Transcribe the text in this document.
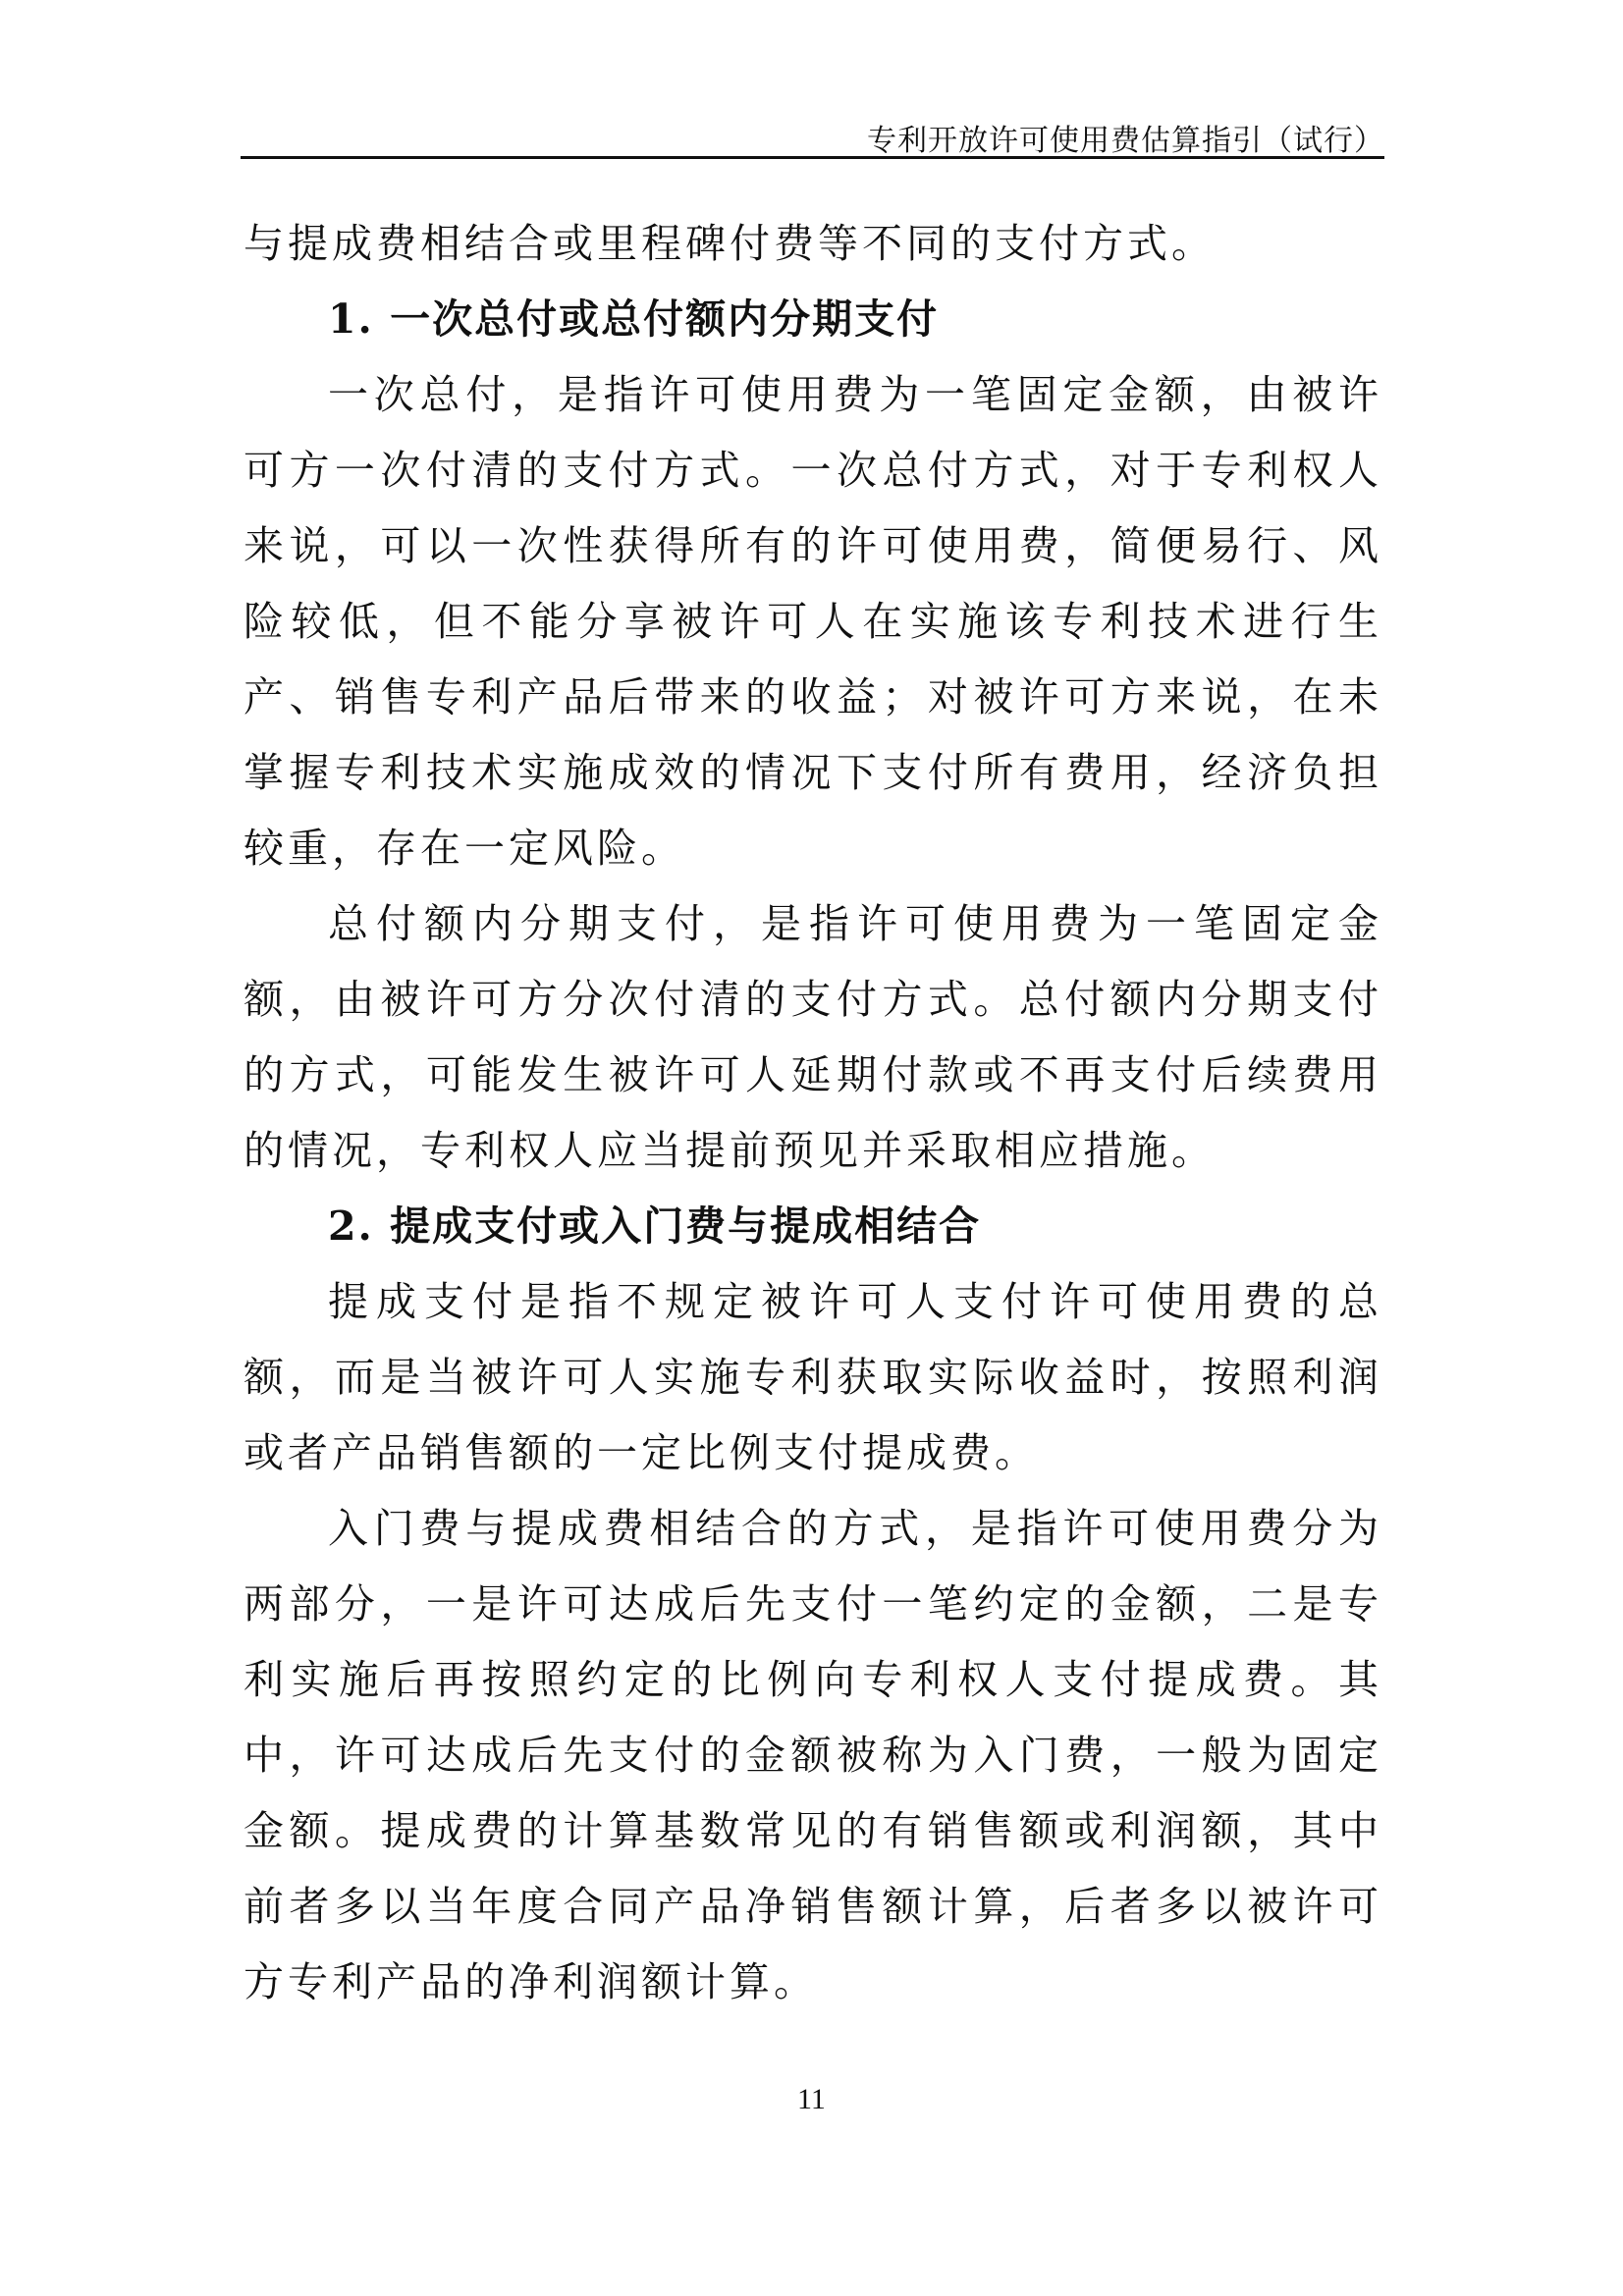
专利开放许可使用费估算指引（试行）

与提成费相结合或里程碑付费等不同的支付方式。

1. 一次总付或总付额内分期支付

一次总付，是指许可使用费为一笔固定金额，由被许可方一次付清的支付方式。一次总付方式，对于专利权人来说，可以一次性获得所有的许可使用费，简便易行、风险较低，但不能分享被许可人在实施该专利技术进行生产、销售专利产品后带来的收益；对被许可方来说，在未掌握专利技术实施成效的情况下支付所有费用，经济负担较重，存在一定风险。

总付额内分期支付，是指许可使用费为一笔固定金额，由被许可方分次付清的支付方式。总付额内分期支付的方式，可能发生被许可人延期付款或不再支付后续费用的情况，专利权人应当提前预见并采取相应措施。

2. 提成支付或入门费与提成相结合

提成支付是指不规定被许可人支付许可使用费的总额，而是当被许可人实施专利获取实际收益时，按照利润或者产品销售额的一定比例支付提成费。

入门费与提成费相结合的方式，是指许可使用费分为两部分，一是许可达成后先支付一笔约定的金额，二是专利实施后再按照约定的比例向专利权人支付提成费。其中，许可达成后先支付的金额被称为入门费，一般为固定金额。提成费的计算基数常见的有销售额或利润额，其中前者多以当年度合同产品净销售额计算，后者多以被许可方专利产品的净利润额计算。

11
